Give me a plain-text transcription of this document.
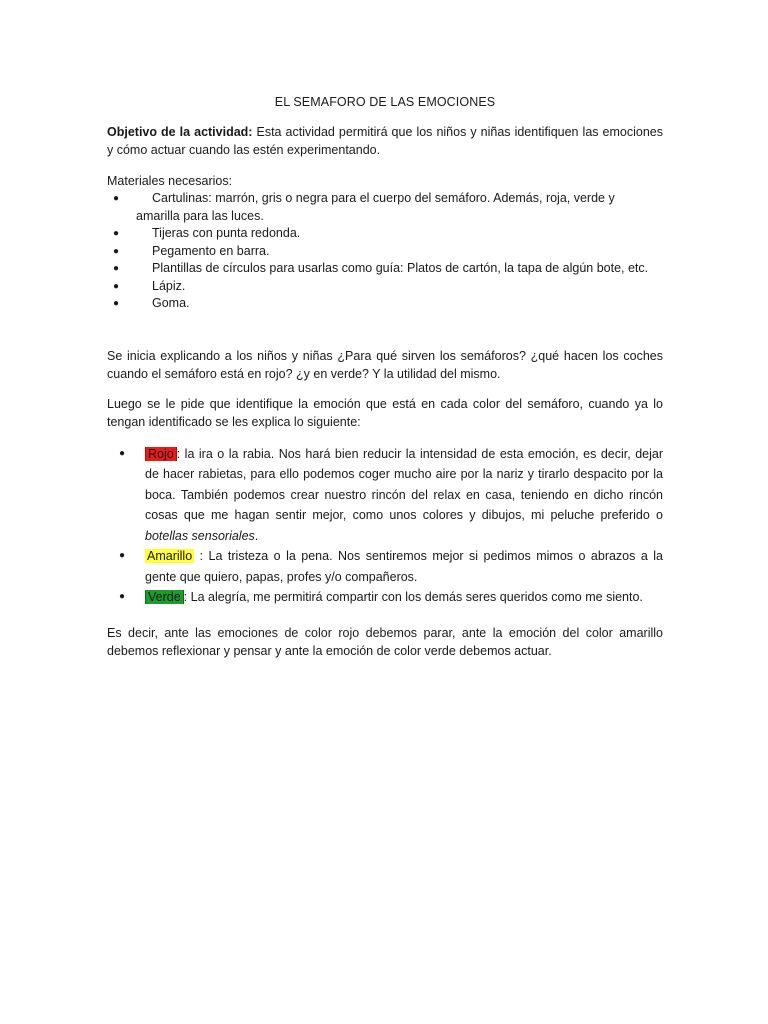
EL SEMAFORO DE LAS EMOCIONES

Objetivo de la actividad: Esta actividad permitirá que los niños y niñas identifiquen las emociones y cómo actuar cuando las estén experimentando.

Materiales necesarios:

●	Cartulinas: marrón, gris o negra para el cuerpo del semáforo. Además, roja, verde y
amarilla para las luces.
●	Tijeras con punta redonda.
●	Pegamento en barra.
●	Plantillas de círculos para usarlas como guía: Platos de cartón, la tapa de algún bote, etc.
●	Lápiz.
●	Goma.

Se inicia explicando a los niños y niñas ¿Para qué sirven los semáforos? ¿qué hacen los coches cuando el semáforo está en rojo? ¿y en verde? Y la utilidad del mismo.

Luego se le pide que identifique la emoción que está en cada color del semáforo, cuando ya lo tengan identificado se les explica lo siguiente:

● Rojo : la ira o la rabia. Nos hará bien reducir la intensidad de esta emoción, es decir, dejar de hacer rabietas, para ello podemos coger mucho aire por la nariz y tirarlo despacito por la boca. También podemos crear nuestro rincón del relax en casa, teniendo en dicho rincón cosas que me hagan sentir mejor, como unos colores y dibujos, mi peluche preferido o botellas sensoriales.
● Amarillo : La tristeza o la pena. Nos sentiremos mejor si pedimos mimos o abrazos a la gente que quiero, papas, profes y/o compañeros.
● Verde : La alegría, me permitirá compartir con los demás seres queridos como me siento.

Es decir, ante las emociones de color rojo debemos parar, ante la emoción del color amarillo debemos reflexionar y pensar y ante la emoción de color verde debemos actuar.
